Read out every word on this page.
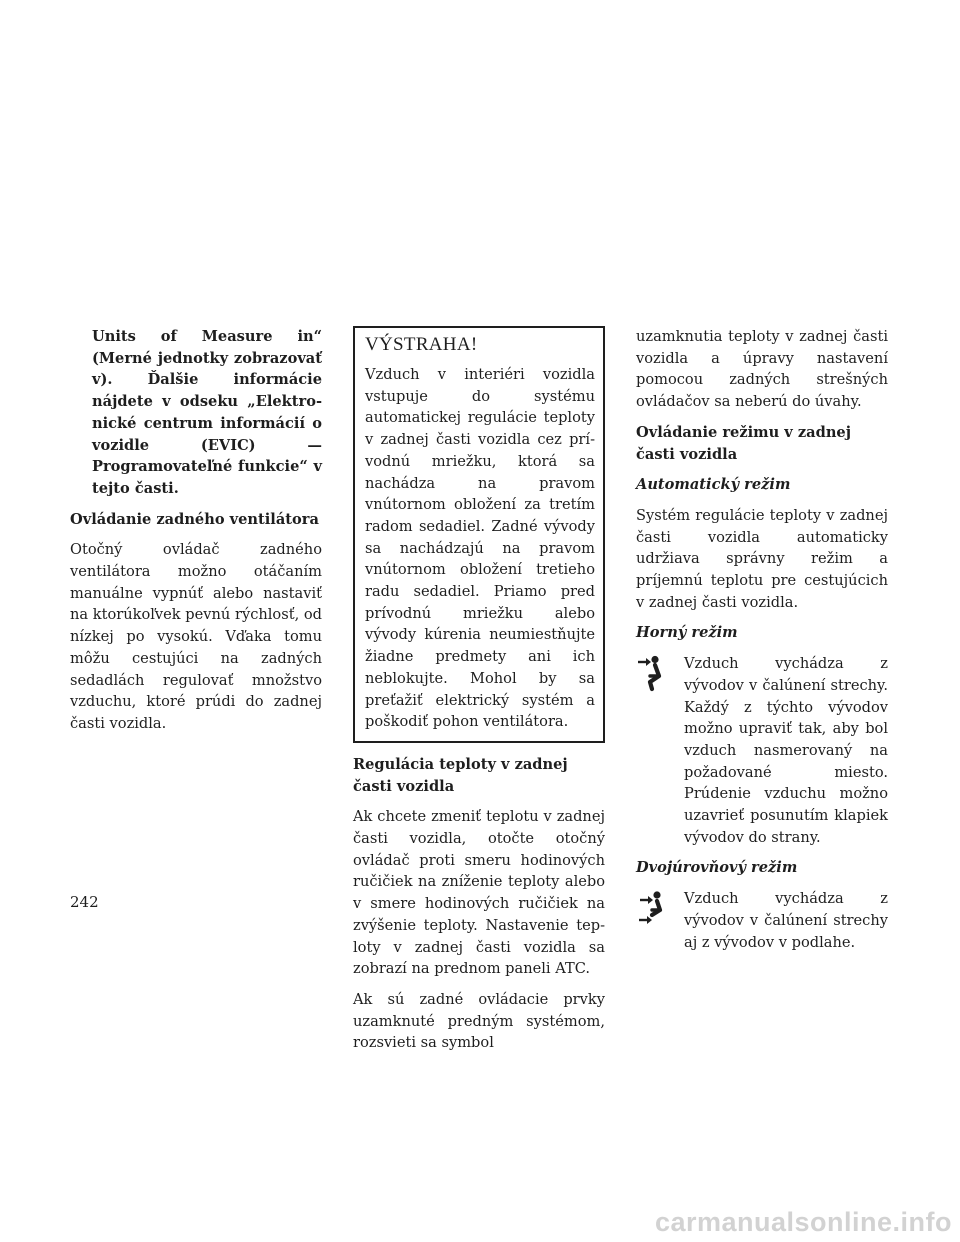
Units of Measure in“ (Merné jednotky zobrazovať v). Ďalšie informácie nájdete v odseku „Elektronické centrum informácií o vozidle (EVIC) — Programovateľné funkcie“ v tejto časti.

Ovládanie zadného ventilátora

Otočný ovládač zadného ventilátora možno otáčaním manuálne vypnúť alebo nastaviť na ktorúkoľvek pevnú rýchlosť, od nízkej po vysokú. Vďaka tomu môžu cestujúci na zadných sedadlách regulovať množstvo vzduchu, ktoré prúdi do zadnej časti vozidla.

VÝSTRAHA!

Vzduch v interiéri vozidla vstupuje do systému automatickej regulácie teploty v zadnej časti vozidla cez prívodnú mriežku, ktorá sa nachádza na pravom vnútornom obložení za tretím radom sedadiel. Zadné vývody sa nachádzajú na pravom vnútornom obložení tretieho radu sedadiel. Priamo pred prívodnú mriežku alebo vývody kúrenia neumiestňujte žiadne predmety ani ich neblokujte. Mohol by sa preťažiť elektrický systém a poškodiť pohon ventilátora.

Regulácia teploty v zadnej časti vozidla

Ak chcete zmeniť teplotu v zadnej časti vozidla, otočte otočný ovládač proti smeru hodinových ručičiek na zníženie teploty alebo v smere hodinových ručičiek na zvýšenie teploty. Nastavenie teploty v zadnej časti vozidla sa zobrazí na prednom paneli ATC.

Ak sú zadné ovládacie prvky uzamknuté predným systémom, rozsvieti sa symbol

uzamknutia teploty v zadnej časti vozidla a úpravy nastavení pomocou zadných strešných ovládačov sa neberú do úvahy.

Ovládanie režimu v zadnej časti vozidla

Automatický režim

Systém regulácie teploty v zadnej časti vozidla automaticky udržiava správny režim a príjemnú teplotu pre cestujúcich v zadnej časti vozidla.

Horný režim

Vzduch vychádza z vývodov v čalúnení strechy. Každý z týchto vývodov možno upraviť tak, aby bol vzduch nasmerovaný na požadované miesto. Prúdenie vzduchu možno uzavrieť posunutím klapiek vývodov do strany.

Dvojúrovňový režim

Vzduch vychádza z vývodov v čalúnení strechy aj z vývodov v podlahe.

242
carmanualsonline.info
